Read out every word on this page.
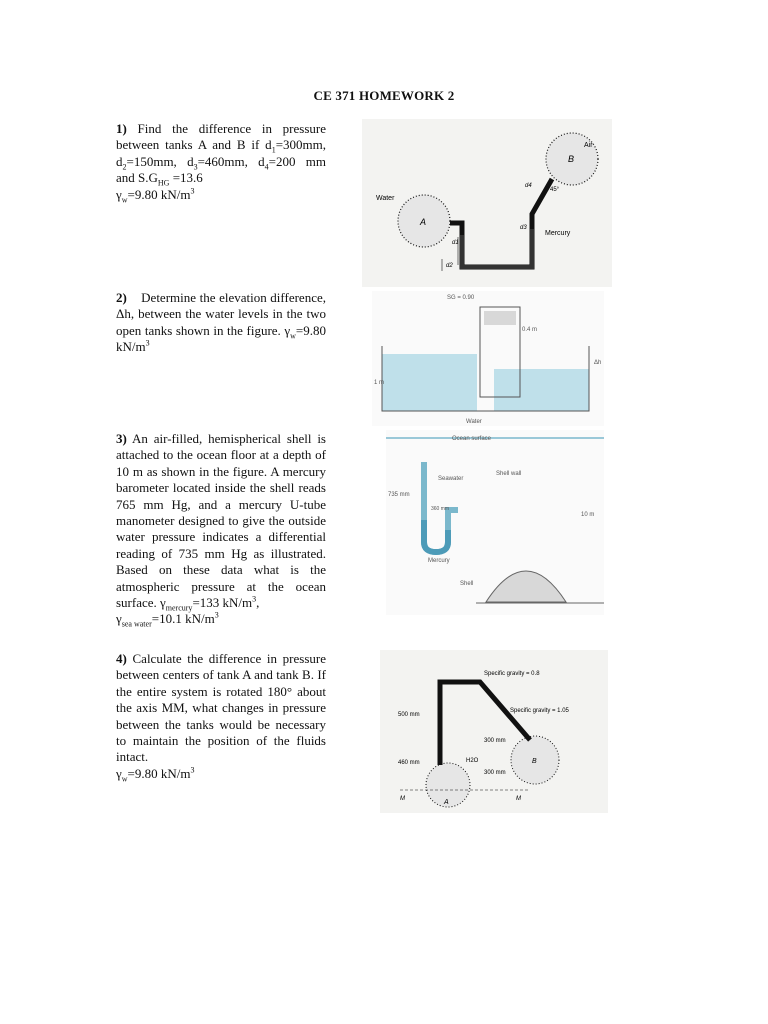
CE 371 HOMEWORK 2
1) Find the difference in pressure between tanks A and B if $d_1=300mm$, $d_2=150mm$, $d_3=460mm$, $d_4=200$ mm and $S.G_{HG} =13.6$
$\gamma_w=9.80$ $kN/m^3$
2)    Determine the elevation difference, Δh, between the water levels in the two open tanks shown in the figure. $\gamma_w=9.80$ $kN/m^3$
3) An air-filled, hemispherical shell is attached to the ocean floor at a depth of 10 m as shown in the figure. A mercury barometer located inside the shell reads 765 mm Hg, and a mercury U-tube manometer designed to give the outside water pressure indicates a differential reading of 735 mm Hg as illustrated. Based on these data what is the atmospheric pressure at the ocean surface. $\gamma_{mercury}=133$ $kN/m^3$,
$\gamma_{sea water}=10.1$ $kN/m^3$
4) Calculate the difference in pressure between centers of tank A and tank B. If the entire system is rotated 180° about the axis MM, what changes in pressure between the tanks would be necessary to maintain the position of the fluids intact.
$\gamma_w=9.80$ $kN/m^3$
A
B
Water
Air
Mercury
d1
d2
d3
d4
45°
SG = 0.90
0.4 m
1 m
Δh
Water
Ocean surface
Shell wall
Seawater
735 mm
360 mm
10 m
Mercury
Shell
Specific gravity = 0.8
Specific gravity = 1.05
500 mm
300 mm
460 mm	H2O
300 mm
A
B
M	M
